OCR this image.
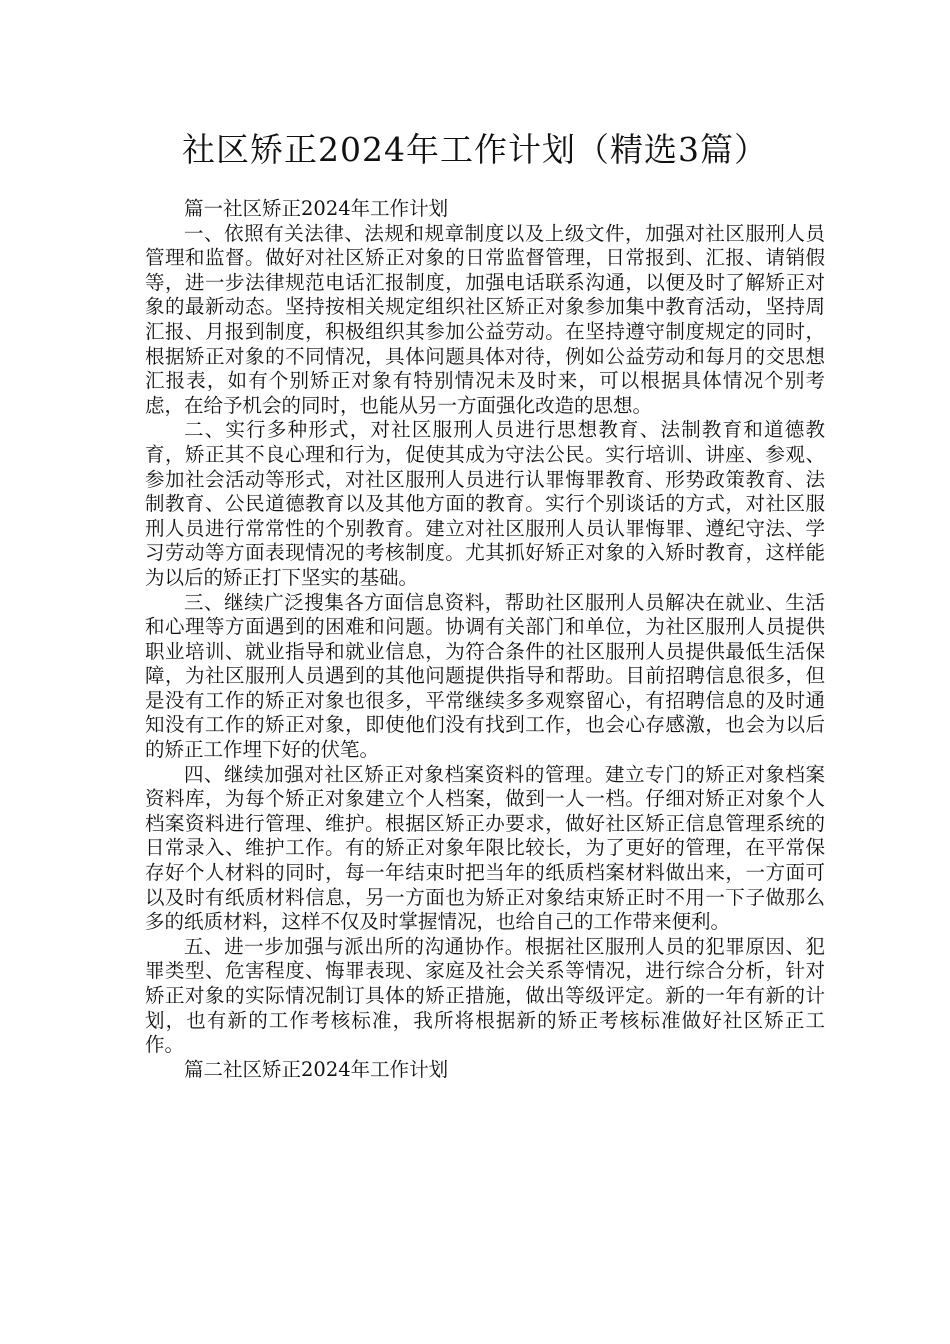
社区矫正2024年工作计划（精选3篇）

篇一社区矫正2024年工作计划

一、依照有关法律、法规和规章制度以及上级文件，加强对社区服刑人员管理和监督。做好对社区矫正对象的日常监督管理，日常报到、汇报、请销假等，进一步法律规范电话汇报制度，加强电话联系沟通，以便及时了解矫正对象的最新动态。坚持按相关规定组织社区矫正对象参加集中教育活动，坚持周汇报、月报到制度，积极组织其参加公益劳动。在坚持遵守制度规定的同时，根据矫正对象的不同情况，具体问题具体对待，例如公益劳动和每月的交思想汇报表，如有个别矫正对象有特别情况未及时来，可以根据具体情况个别考虑，在给予机会的同时，也能从另一方面强化改造的思想。

二、实行多种形式，对社区服刑人员进行思想教育、法制教育和道德教育，矫正其不良心理和行为，促使其成为守法公民。实行培训、讲座、参观、参加社会活动等形式，对社区服刑人员进行认罪悔罪教育、形势政策教育、法制教育、公民道德教育以及其他方面的教育。实行个别谈话的方式，对社区服刑人员进行常常性的个别教育。建立对社区服刑人员认罪悔罪、遵纪守法、学习劳动等方面表现情况的考核制度。尤其抓好矫正对象的入矫时教育，这样能为以后的矫正打下坚实的基础。

三、继续广泛搜集各方面信息资料，帮助社区服刑人员解决在就业、生活和心理等方面遇到的困难和问题。协调有关部门和单位，为社区服刑人员提供职业培训、就业指导和就业信息，为符合条件的社区服刑人员提供最低生活保障，为社区服刑人员遇到的其他问题提供指导和帮助。目前招聘信息很多，但是没有工作的矫正对象也很多，平常继续多多观察留心，有招聘信息的及时通知没有工作的矫正对象，即使他们没有找到工作，也会心存感激，也会为以后的矫正工作埋下好的伏笔。

四、继续加强对社区矫正对象档案资料的管理。建立专门的矫正对象档案资料库，为每个矫正对象建立个人档案，做到一人一档。仔细对矫正对象个人档案资料进行管理、维护。根据区矫正办要求，做好社区矫正信息管理系统的日常录入、维护工作。有的矫正对象年限比较长，为了更好的管理，在平常保存好个人材料的同时，每一年结束时把当年的纸质档案材料做出来，一方面可以及时有纸质材料信息，另一方面也为矫正对象结束矫正时不用一下子做那么多的纸质材料，这样不仅及时掌握情况，也给自己的工作带来便利。

五、进一步加强与派出所的沟通协作。根据社区服刑人员的犯罪原因、犯罪类型、危害程度、悔罪表现、家庭及社会关系等情况，进行综合分析，针对矫正对象的实际情况制订具体的矫正措施，做出等级评定。新的一年有新的计划，也有新的工作考核标准，我所将根据新的矫正考核标准做好社区矫正工作。

篇二社区矫正2024年工作计划
